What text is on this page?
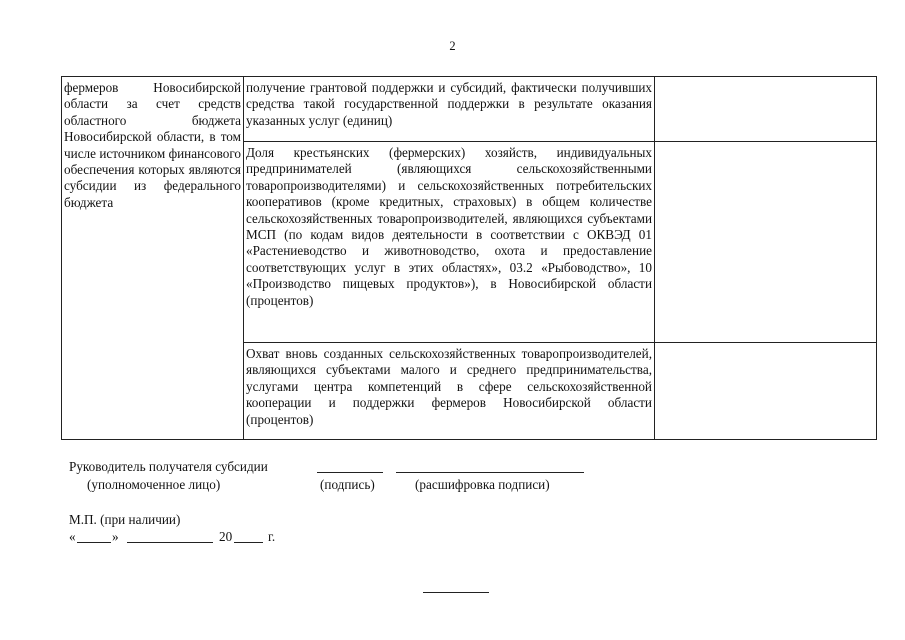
2
фермеров Новосибирской области за счет средств областного бюджета Новосибирской области, в том числе источником финансового обеспечения которых являются субсидии из федерального бюджета	получение грантовой поддержки и субсидий, фактически получивших средства такой государственной поддержки в результате оказания указанных услуг (единиц)	
	Доля крестьянских (фермерских) хозяйств, индивидуальных предпринимателей (являющихся сельскохозяйственными товаропроизводителями) и сельскохозяйственных потребительских кооперативов (кроме кредитных, страховых) в общем количестве сельскохозяйственных товаропроизводителей, являющихся субъектами МСП (по кодам видов деятельности в соответствии с ОКВЭД 01 «Растениеводство и животноводство, охота и предоставление соответствующих услуг в этих областях», 03.2 «Рыбоводство», 10 «Производство пищевых продуктов»), в Новосибирской области (процентов)	
	Охват вновь созданных сельскохозяйственных товаропроизводителей, являющихся субъектами малого и среднего предпринимательства, услугами центра компетенций в сфере сельскохозяйственной кооперации и поддержки фермеров Новосибирской области (процентов)	
Руководитель получателя субсидии
(уполномоченное лицо)	(подпись)	(расшифровка подписи)
М.П. (при наличии)
«	»	20	г.
